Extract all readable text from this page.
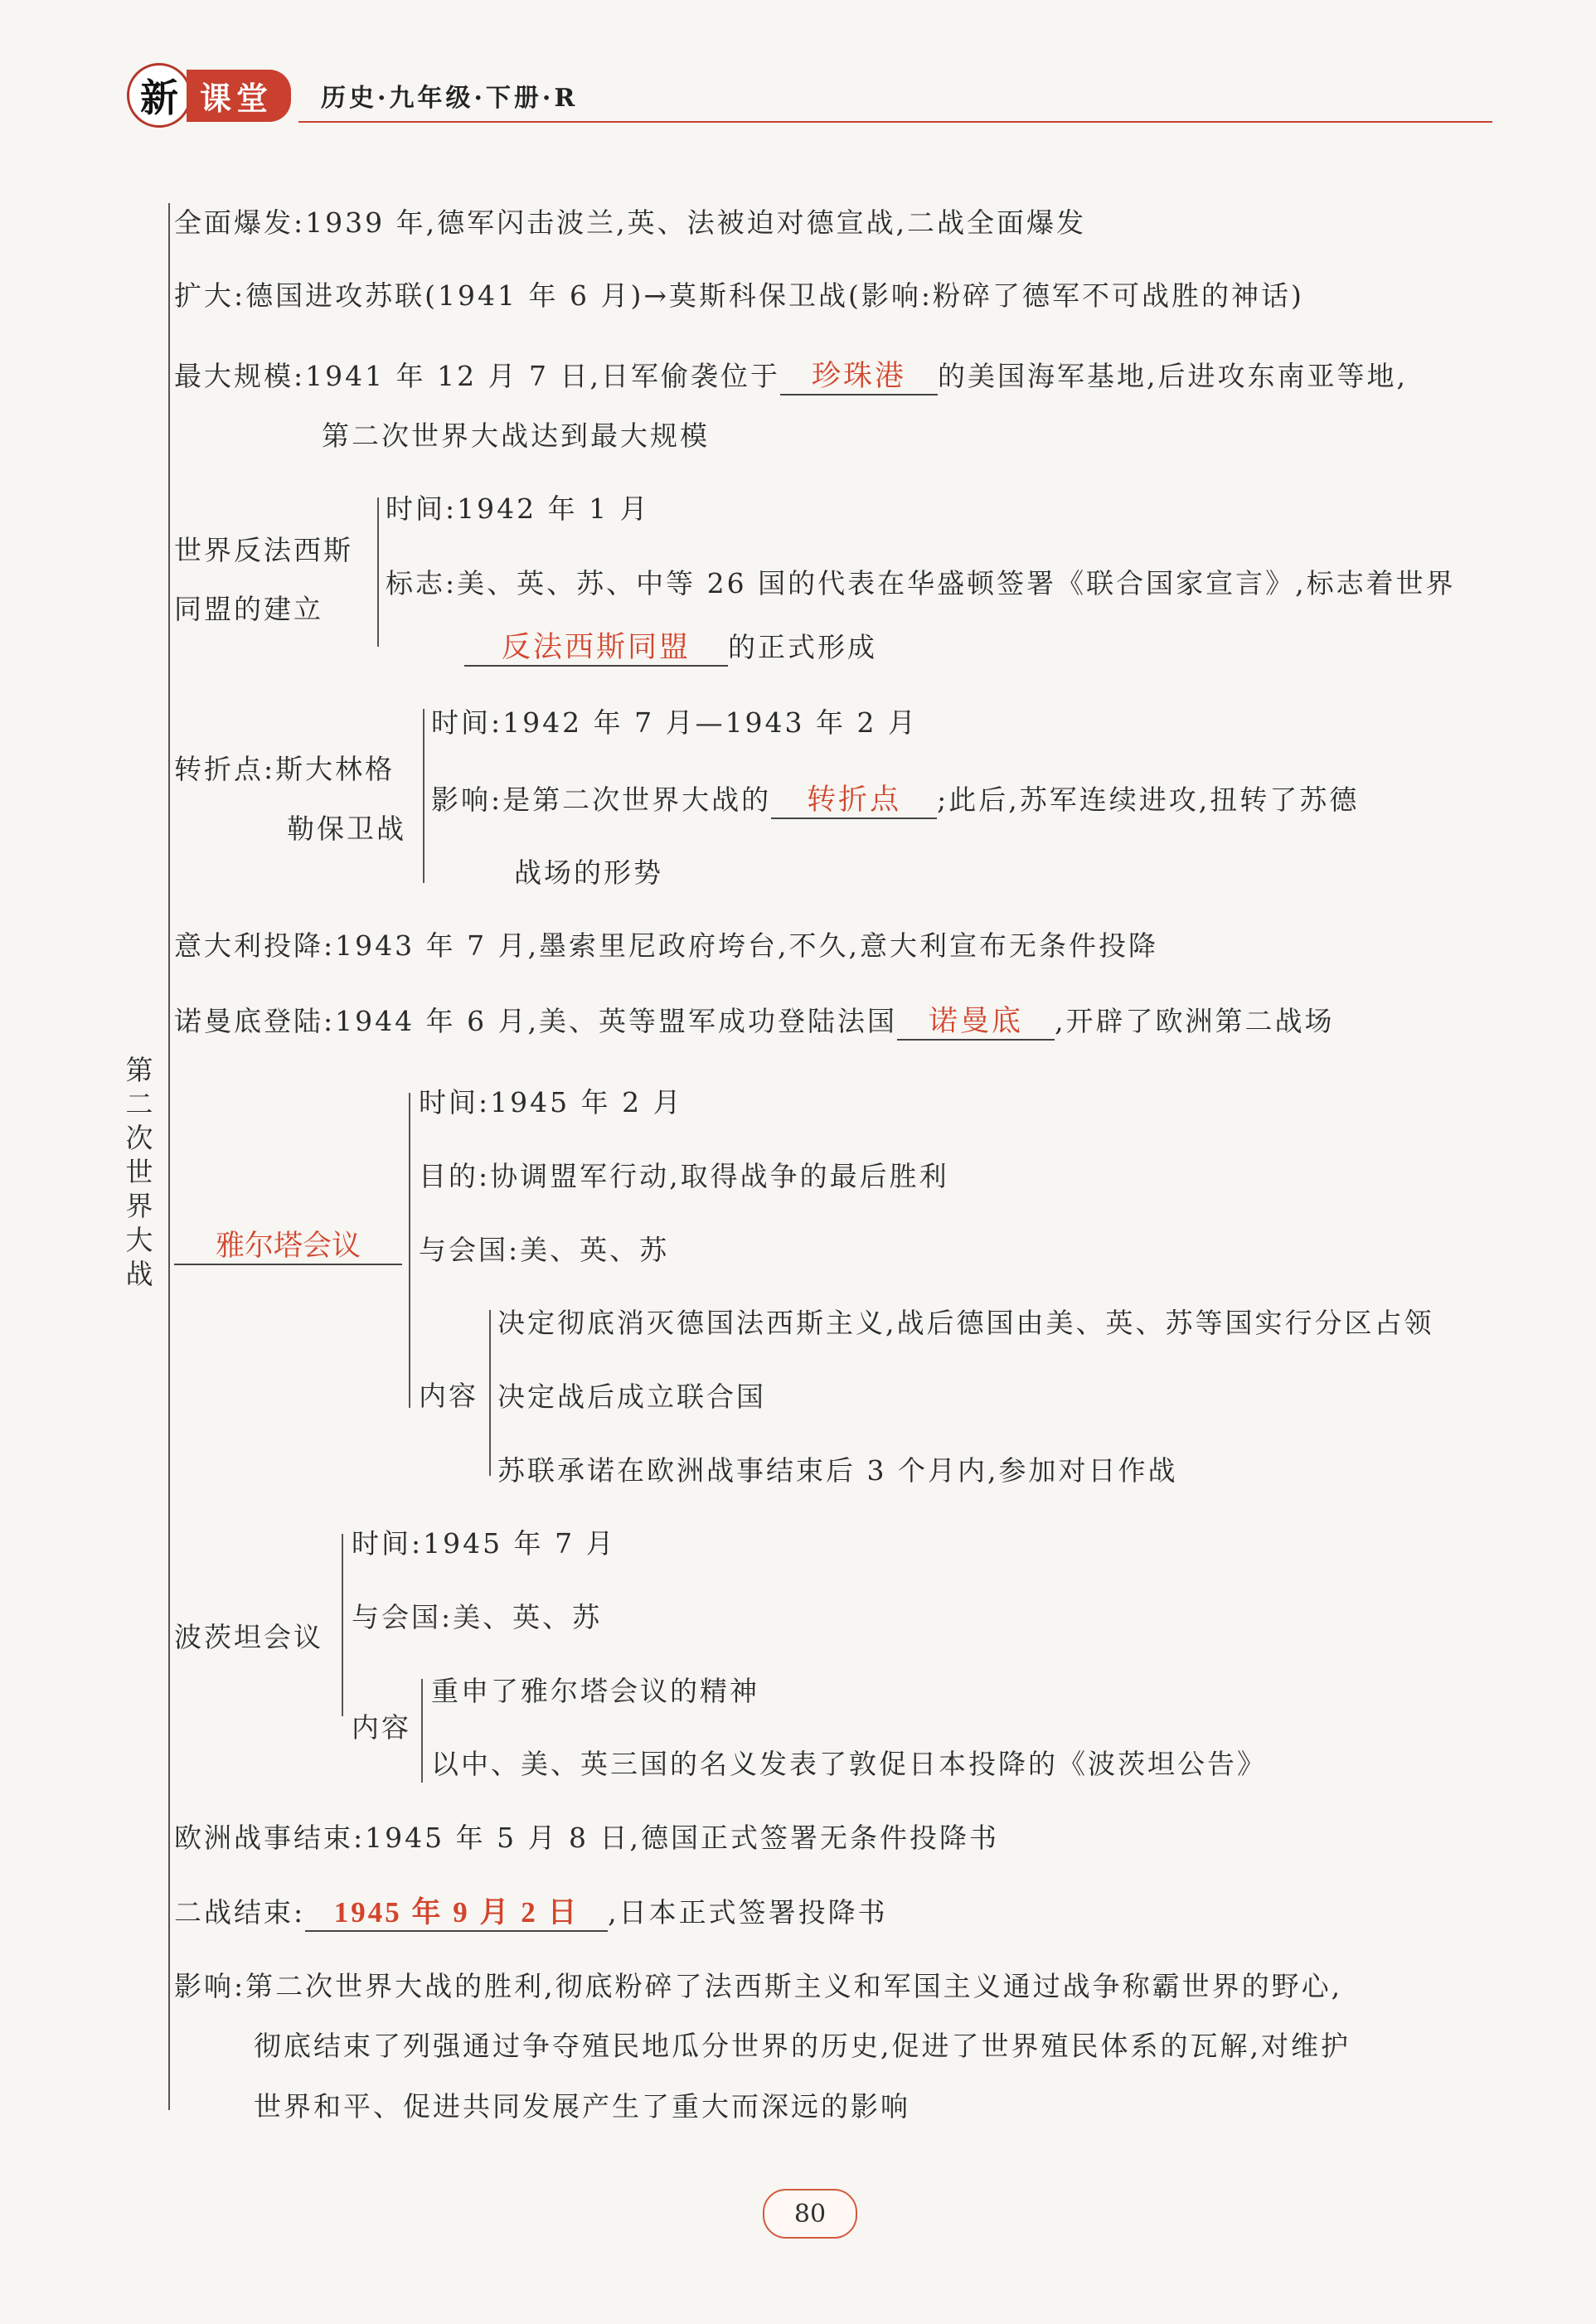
新 课堂	历史·九年级·下册·R
第
二
次
世
界
大
战
全面爆发:1939 年,德军闪击波兰,英、法被迫对德宣战,二战全面爆发
扩大:德国进攻苏联(1941 年 6 月)→莫斯科保卫战(影响:粉碎了德军不可战胜的神话)
最大规模:1941 年 12 月 7 日,日军偷袭位于 珍珠港 的美国海军基地,后进攻东南亚等地,
第二次世界大战达到最大规模
世界反法西斯
同盟的建立
时间:1942 年 1 月
标志:美、英、苏、中等 26 国的代表在华盛顿签署《联合国家宣言》,标志着世界
反法西斯同盟 的正式形成
转折点:斯大林格
勒保卫战
时间:1942 年 7 月—1943 年 2 月
影响:是第二次世界大战的 转折点 ;此后,苏军连续进攻,扭转了苏德
战场的形势
意大利投降:1943 年 7 月,墨索里尼政府垮台,不久,意大利宣布无条件投降
诺曼底登陆:1944 年 6 月,美、英等盟军成功登陆法国 诺曼底 ,开辟了欧洲第二战场
雅尔塔会议
时间:1945 年 2 月
目的:协调盟军行动,取得战争的最后胜利
与会国:美、英、苏
内容
决定彻底消灭德国法西斯主义,战后德国由美、英、苏等国实行分区占领
决定战后成立联合国
苏联承诺在欧洲战事结束后 3 个月内,参加对日作战
波茨坦会议
时间:1945 年 7 月
与会国:美、英、苏
内容
重申了雅尔塔会议的精神
以中、美、英三国的名义发表了敦促日本投降的《波茨坦公告》
欧洲战事结束:1945 年 5 月 8 日,德国正式签署无条件投降书
二战结束: 1945 年 9 月 2 日 ,日本正式签署投降书
影响:第二次世界大战的胜利,彻底粉碎了法西斯主义和军国主义通过战争称霸世界的野心,
彻底结束了列强通过争夺殖民地瓜分世界的历史,促进了世界殖民体系的瓦解,对维护
世界和平、促进共同发展产生了重大而深远的影响
80
